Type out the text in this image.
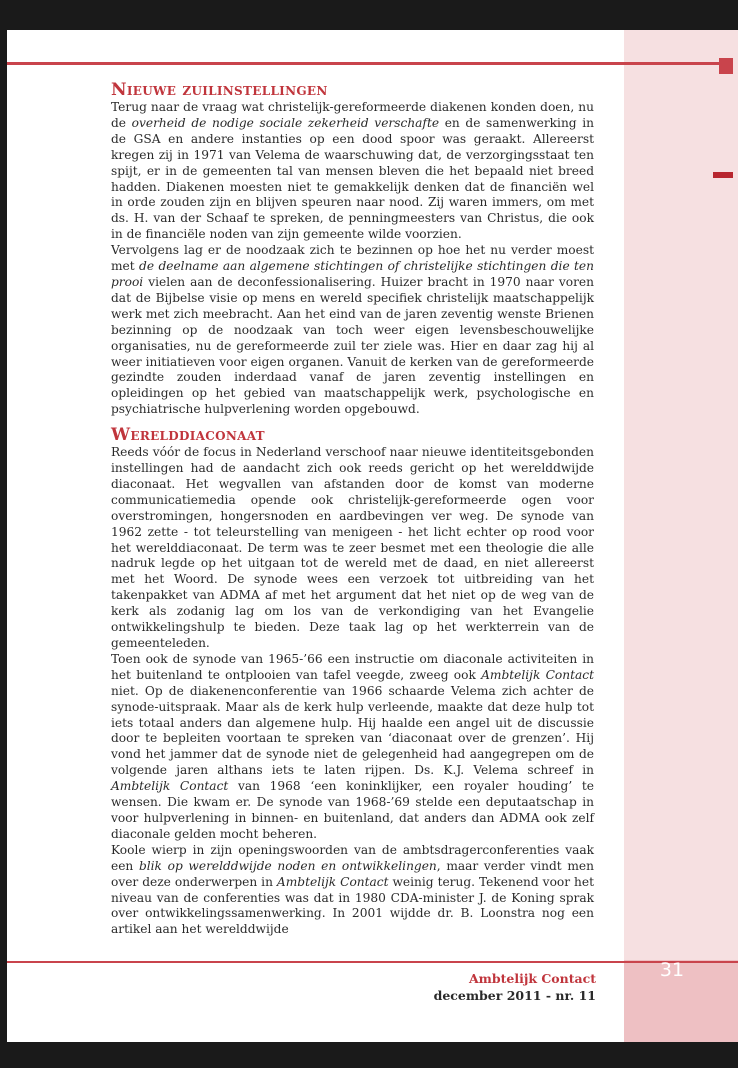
Nieuwe zuilinstellingen

Terug naar de vraag wat christelijk-gereformeerde diakenen konden doen, nu de overheid de nodige sociale zekerheid verschafte en de samenwerking in de GSA en andere instanties op een dood spoor was geraakt. Allereerst kregen zij in 1971 van Velema de waarschuwing dat, de verzorgingsstaat ten spijt, er in de gemeenten tal van mensen bleven die het bepaald niet breed hadden. Diakenen moesten niet te gemakkelijk denken dat de financiën wel in orde zouden zijn en blijven speuren naar nood. Zij waren immers, om met ds. H. van der Schaaf te spreken, de penningmeesters van Christus, die ook in de financiële noden van zijn gemeente wilde voorzien.

Vervolgens lag er de noodzaak zich te bezinnen op hoe het nu verder moest met de deelname aan algemene stichtingen of christelijke stichtingen die ten prooi vielen aan de deconfessionalisering. Huizer bracht in 1970 naar voren dat de Bijbelse visie op mens en wereld specifiek christelijk maatschappelijk werk met zich meebracht. Aan het eind van de jaren zeventig wenste Brienen bezinning op de noodzaak van toch weer eigen levensbeschouwelijke organisaties, nu de gereformeerde zuil ter ziele was. Hier en daar zag hij al weer initiatieven voor eigen organen. Vanuit de kerken van de gereformeerde gezindte zouden inderdaad vanaf de jaren zeventig instellingen en opleidingen op het gebied van maatschappelijk werk, psychologische en psychiatrische hulpverlening worden opgebouwd.

Werelddiaconaat

Reeds vóór de focus in Nederland verschoof naar nieuwe identiteitsgebonden instellingen had de aandacht zich ook reeds gericht op het werelddwijde diaconaat. Het wegvallen van afstanden door de komst van moderne communicatiemedia opende ook christelijk-gereformeerde ogen voor overstromingen, hongersnoden en aardbevingen ver weg. De synode van 1962 zette - tot teleurstelling van menigeen - het licht echter op rood voor het werelddiaconaat. De term was te zeer besmet met een theologie die alle nadruk legde op het uitgaan tot de wereld met de daad, en niet allereerst met het Woord. De synode wees een verzoek tot uitbreiding van het takenpakket van ADMA af met het argument dat het niet op de weg van de kerk als zodanig lag om los van de verkondiging van het Evangelie ontwikkelingshulp te bieden. Deze taak lag op het werkterrein van de gemeenteleden.

Toen ook de synode van 1965-’66 een instructie om diaconale activiteiten in het buitenland te ontplooien van tafel veegde, zweeg ook Ambtelijk Contact niet. Op de diakenenconferentie van 1966 schaarde Velema zich achter de synode-uitspraak. Maar als de kerk hulp verleende, maakte dat deze hulp tot iets totaal anders dan algemene hulp. Hij haalde een angel uit de discussie door te bepleiten voortaan te spreken van ‘diaconaat over de grenzen’. Hij vond het jammer dat de synode niet de gelegenheid had aangegrepen om de volgende jaren althans iets te laten rijpen. Ds. K.J. Velema schreef in Ambtelijk Contact van 1968 ‘een koninklijker, een royaler houding’ te wensen. Die kwam er. De synode van 1968-’69 stelde een deputaatschap in voor hulpverlening in binnen- en buitenland, dat anders dan ADMA ook zelf diaconale gelden mocht beheren.

Koole wierp in zijn openingswoorden van de ambtsdragerconferenties vaak een blik op werelddwijde noden en ontwikkelingen, maar verder vindt men over deze onderwerpen in Ambtelijk Contact weinig terug. Tekenend voor het niveau van de conferenties was dat in 1980 CDA-minister J. de Koning sprak over ontwikkelingssamenwerking. In 2001 wijdde dr. B. Loonstra nog een artikel aan het werelddwijde

Ambtelijk Contact
december 2011 - nr. 11
31
